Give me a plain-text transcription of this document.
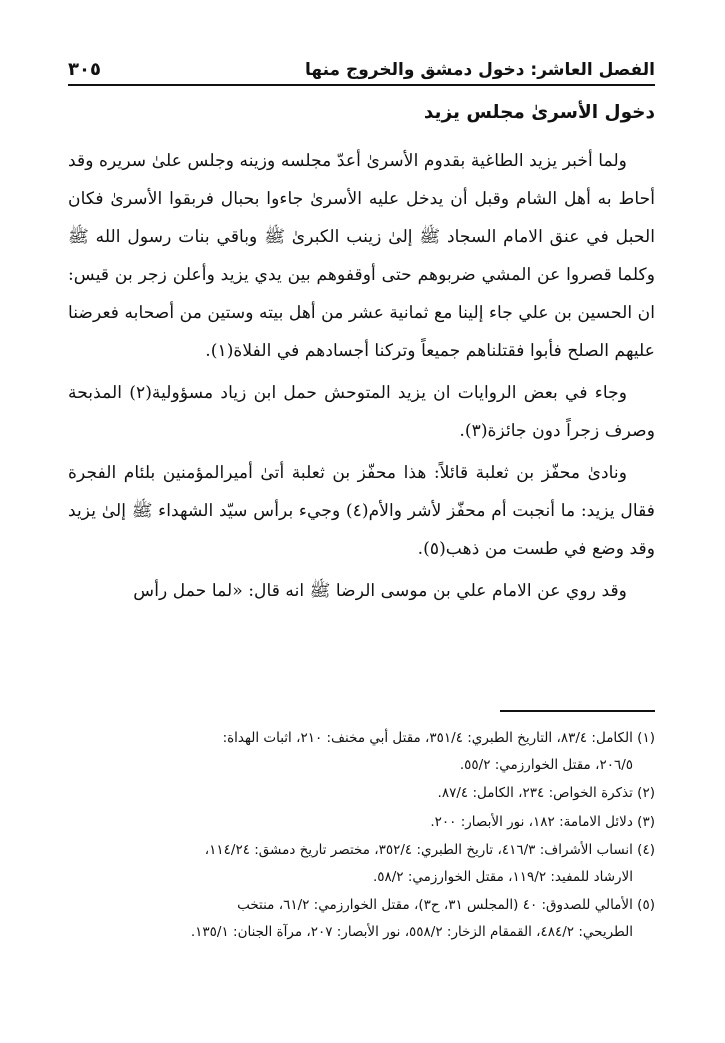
الفصل العاشر: دخول دمشق والخروج منها
٣٠٥
دخول الأسرىٰ مجلس يزيد

ولما أخبر يزيد الطاغية بقدوم الأسرىٰ أعدّ مجلسه وزينه وجلس علىٰ سريره وقد أحاط به أهل الشام وقبل أن يدخل عليه الأسرىٰ جاءوا بحبال فربقوا الأسرىٰ فكان الحبل في عنق الامام السجاد ﷺ إلىٰ زينب الكبرىٰ ﷺ وباقي بنات رسول الله ﷺ وكلما قصروا عن المشي ضربوهم حتى أوقفوهم بين يدي يزيد وأعلن زجر بن قيس: ان الحسين بن علي جاء إلينا مع ثمانية عشر من أهل بيته وستين من أصحابه فعرضنا عليهم الصلح فأبوا فقتلناهم جميعاً وتركنا أجسادهم في الفلاة(١).

وجاء في بعض الروايات ان يزيد المتوحش حمل ابن زياد مسؤولية(٢) المذبحة وصرف زجراً دون جائزة(٣).

ونادىٰ محفّز بن ثعلبة قائلاً: هذا محفّز بن ثعلبة أتىٰ أميرالمؤمنين بلئام الفجرة فقال يزيد: ما أنجبت أم محفّز لأشر والأم(٤) وجيء برأس سيّد الشهداء ﷺ إلىٰ يزيد وقد وضع في طست من ذهب(٥).

وقد روي عن الامام علي بن موسى الرضا ﷺ انه قال: «لما حمل رأس

(١) الكامل: ٨٣/٤، التاريخ الطبري: ٣٥١/٤، مقتل أبي مخنف: ٢١٠، اثبات الهداة:
٢٠٦/٥، مقتل الخوارزمي: ٥٥/٢.

(٢) تذكرة الخواص: ٢٣٤، الكامل: ٨٧/٤.

(٣) دلائل الامامة: ١٨٢، نور الأبصار: ٢٠٠.

(٤) انساب الأشراف: ٤١٦/٣، تاريخ الطبري: ٣٥٢/٤، مختصر تاريخ دمشق: ١١٤/٢٤،
الارشاد للمفيد: ١١٩/٢، مقتل الخوارزمي: ٥٨/٢.

(٥) الأمالي للصدوق: ٤٠ (المجلس ٣١، ح٣)، مقتل الخوارزمي: ٦١/٢، منتخب
الطريحي: ٤٨٤/٢، القمقام الزخار: ٥٥٨/٢، نور الأبصار: ٢٠٧، مرآة الجنان: ١٣٥/١.
